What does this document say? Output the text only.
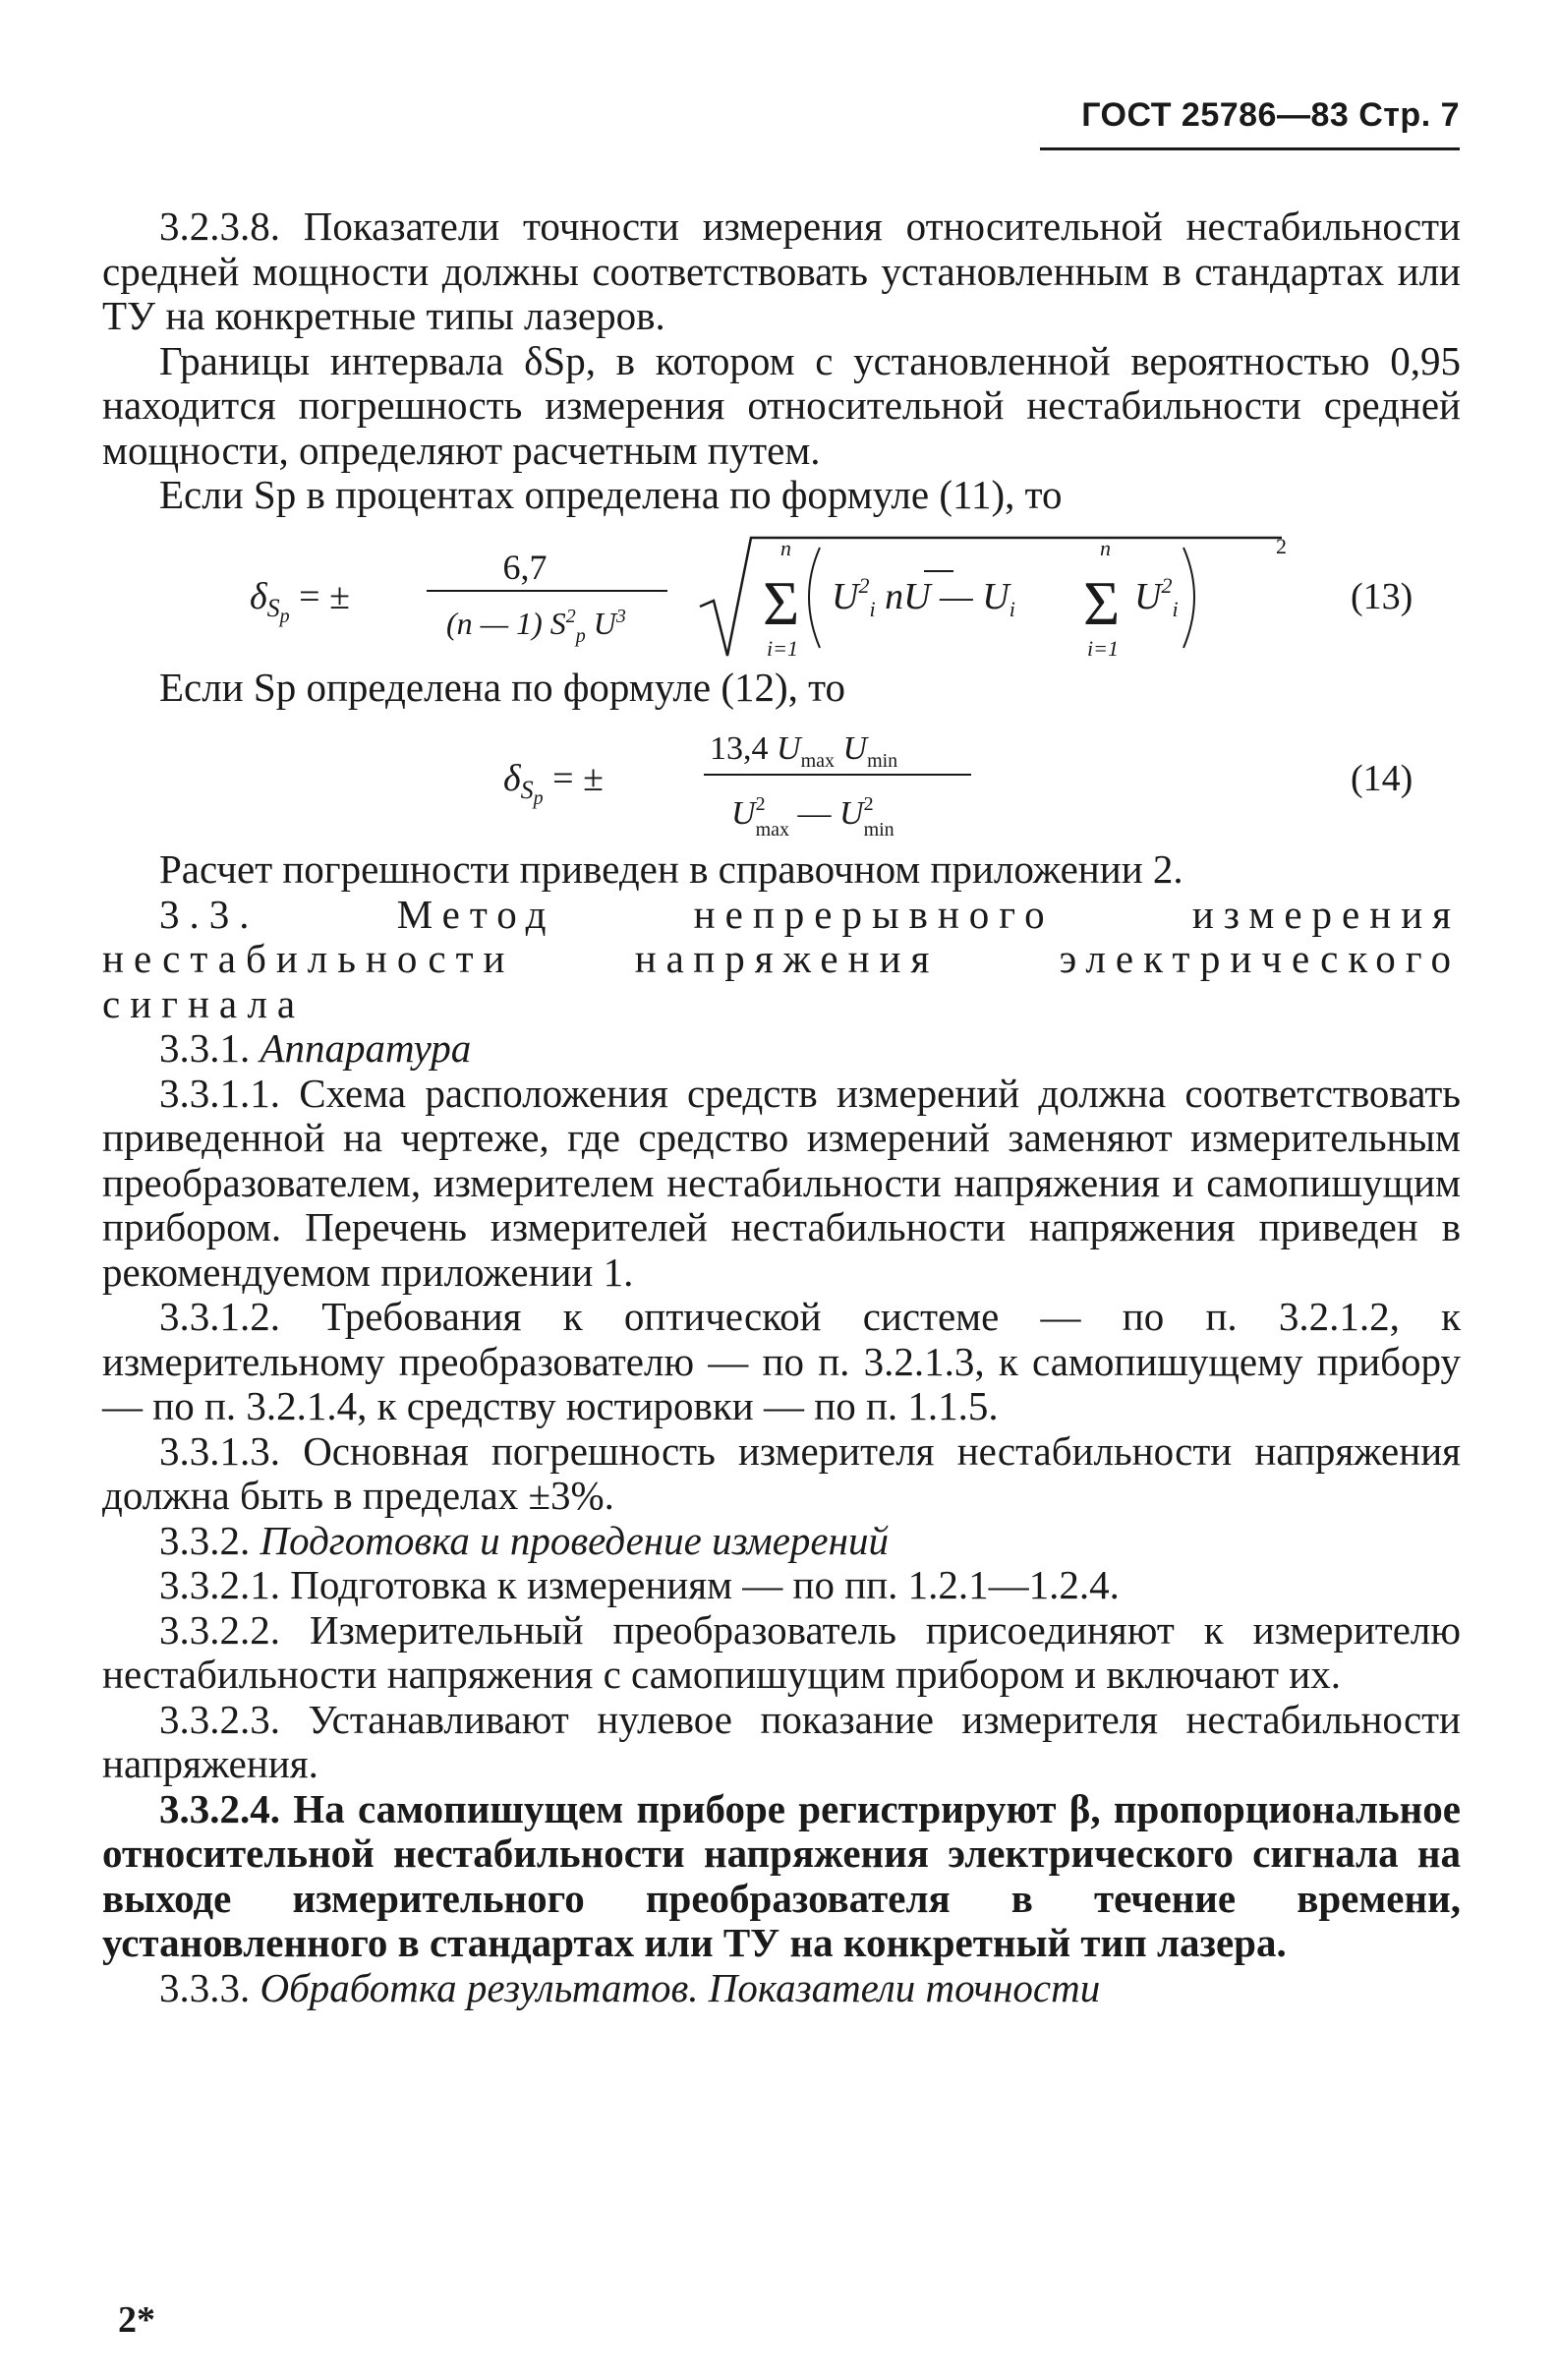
ГОСТ 25786—83 Стр. 7

3.2.3.8. Показатели точности измерения относительной нестабильности средней мощности должны соответствовать установленным в стандартах или ТУ на конкретные типы лазеров.

Границы интервала δSp, в котором с установленной вероятностью 0,95 находится погрешность измерения относительной нестабильности средней мощности, определяют расчетным путем.

Если Sp в процентах определена по формуле (11), то

$\delta_Sp$ = ±
6,7
(n — 1) $S^2_p$ $U^3$
n
Σ
i=1
$U^2_i$ nU — $U_i$
n
Σ
i=1
$U^2_i$
2
(13)

Если Sp определена по формуле (12), то

$\delta_Sp$ = ±
13,4 $U_{max}$ $U_{min}$
$U^2$ max — $U^2$ min
(14)

Расчет погрешности приведен в справочном приложении 2.

3.3. Метод непрерывного измерения нестабильности напряжения электрического сигнала

3.3.1. Аппаратура

3.3.1.1. Схема расположения средств измерений должна соответствовать приведенной на чертеже, где средство измерений заменяют измерительным преобразователем, измерителем нестабильности напряжения и самопишущим прибором. Перечень измерителей нестабильности напряжения приведен в рекомендуемом приложении 1.

3.3.1.2. Требования к оптической системе — по п. 3.2.1.2, к измерительному преобразователю — по п. 3.2.1.3, к самопишущему прибору — по п. 3.2.1.4, к средству юстировки — по п. 1.1.5.

3.3.1.3. Основная погрешность измерителя нестабильности напряжения должна быть в пределах ±3%.

3.3.2. Подготовка и проведение измерений

3.3.2.1. Подготовка к измерениям — по пп. 1.2.1—1.2.4.

3.3.2.2. Измерительный преобразователь присоединяют к измерителю нестабильности напряжения с самопишущим прибором и включают их.

3.3.2.3. Устанавливают нулевое показание измерителя нестабильности напряжения.

3.3.2.4. На самопишущем приборе регистрируют β, пропорциональное относительной нестабильности напряжения электрического сигнала на выходе измерительного преобразователя в течение времени, установленного в стандартах или ТУ на конкретный тип лазера.

3.3.3. Обработка результатов. Показатели точности

2*
